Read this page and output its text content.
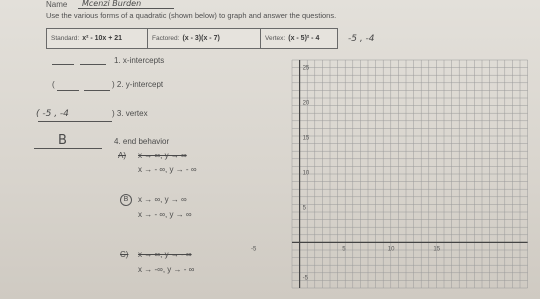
Name Mcenzi Burden
Use the various forms of a quadratic (shown below) to graph and answer the questions.
Standard: x² - 10x + 21	Factored: (x - 3)(x - 7)	Vertex: (x - 5)² - 4	-5 , -4
1. x-intercepts
(	) 2. y-intercept
( -5 , -4	) 3. vertex
B	4. end behavior
A) x → ∞, y → ∞
x → - ∞, y → - ∞
B	x → ∞, y → ∞
x → - ∞, y → ∞
C) x → ∞, y → - ∞
x → -∞, y → - ∞
25
20
15
10
5
-5
-5	5	10	15
